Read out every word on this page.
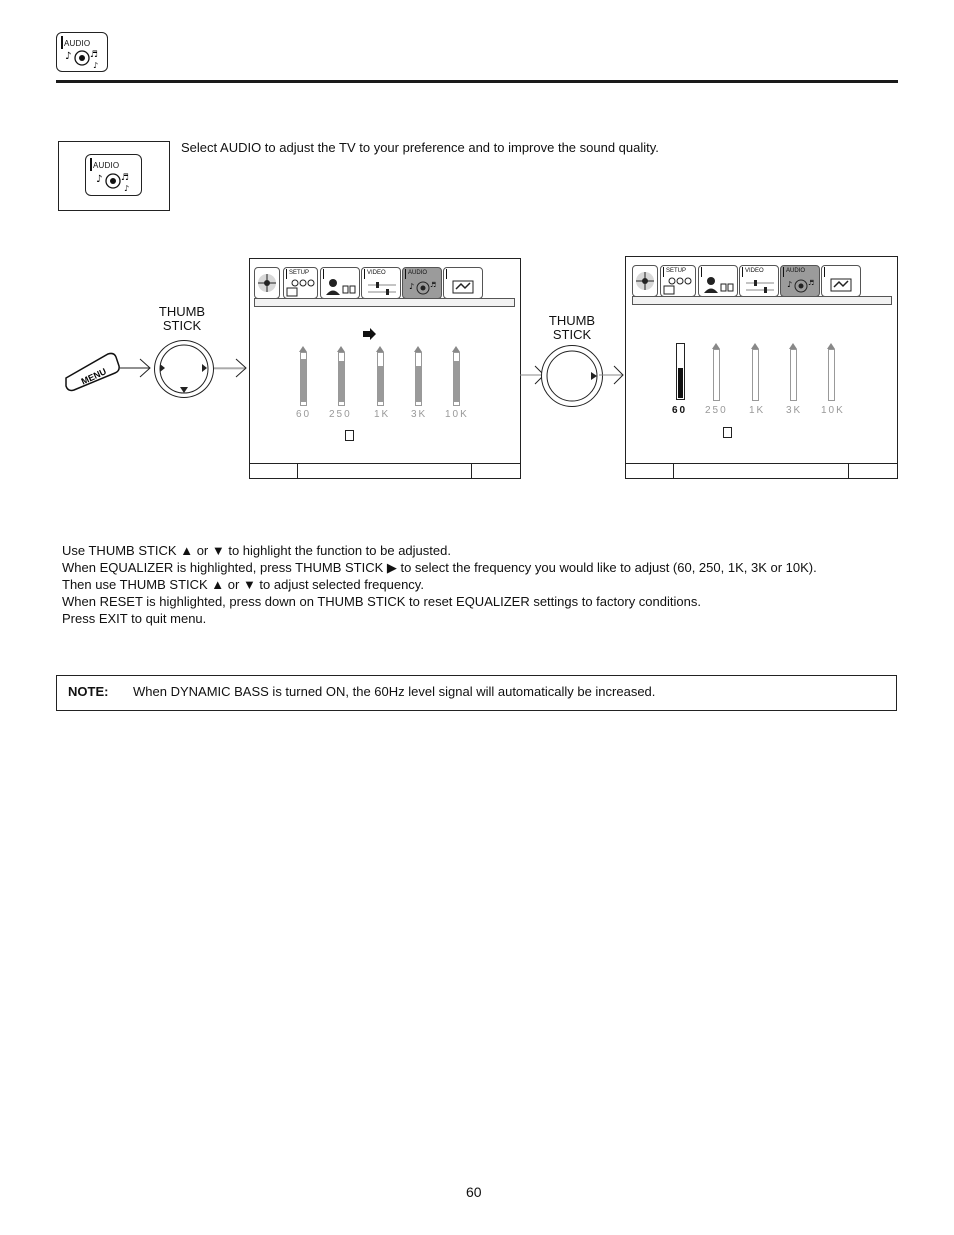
AUDIO
♪ ♬
♪
AUDIO
♪ ♬
♪
Select AUDIO to adjust the TV to your preference and to improve the sound quality.
MENU
THUMB
STICK
SETUP	VIDEO	AUDIO
♪ ♬
60 250 1K 3K 10K
THUMB
STICK
SETUP	VIDEO	AUDIO
♪ ♬
60 250 1K 3K 10K
Use THUMB STICK ▲ or ▼ to highlight the function to be adjusted.
When EQUALIZER is highlighted, press THUMB STICK ▶ to select the frequency you would like to adjust (60, 250, 1K, 3K or 10K).
Then use THUMB STICK ▲ or ▼ to adjust selected frequency.
When RESET is highlighted, press down on THUMB STICK to reset EQUALIZER settings to factory conditions.
Press EXIT to quit menu.
NOTE: When DYNAMIC BASS is turned ON, the 60Hz level signal will automatically be increased.
60
